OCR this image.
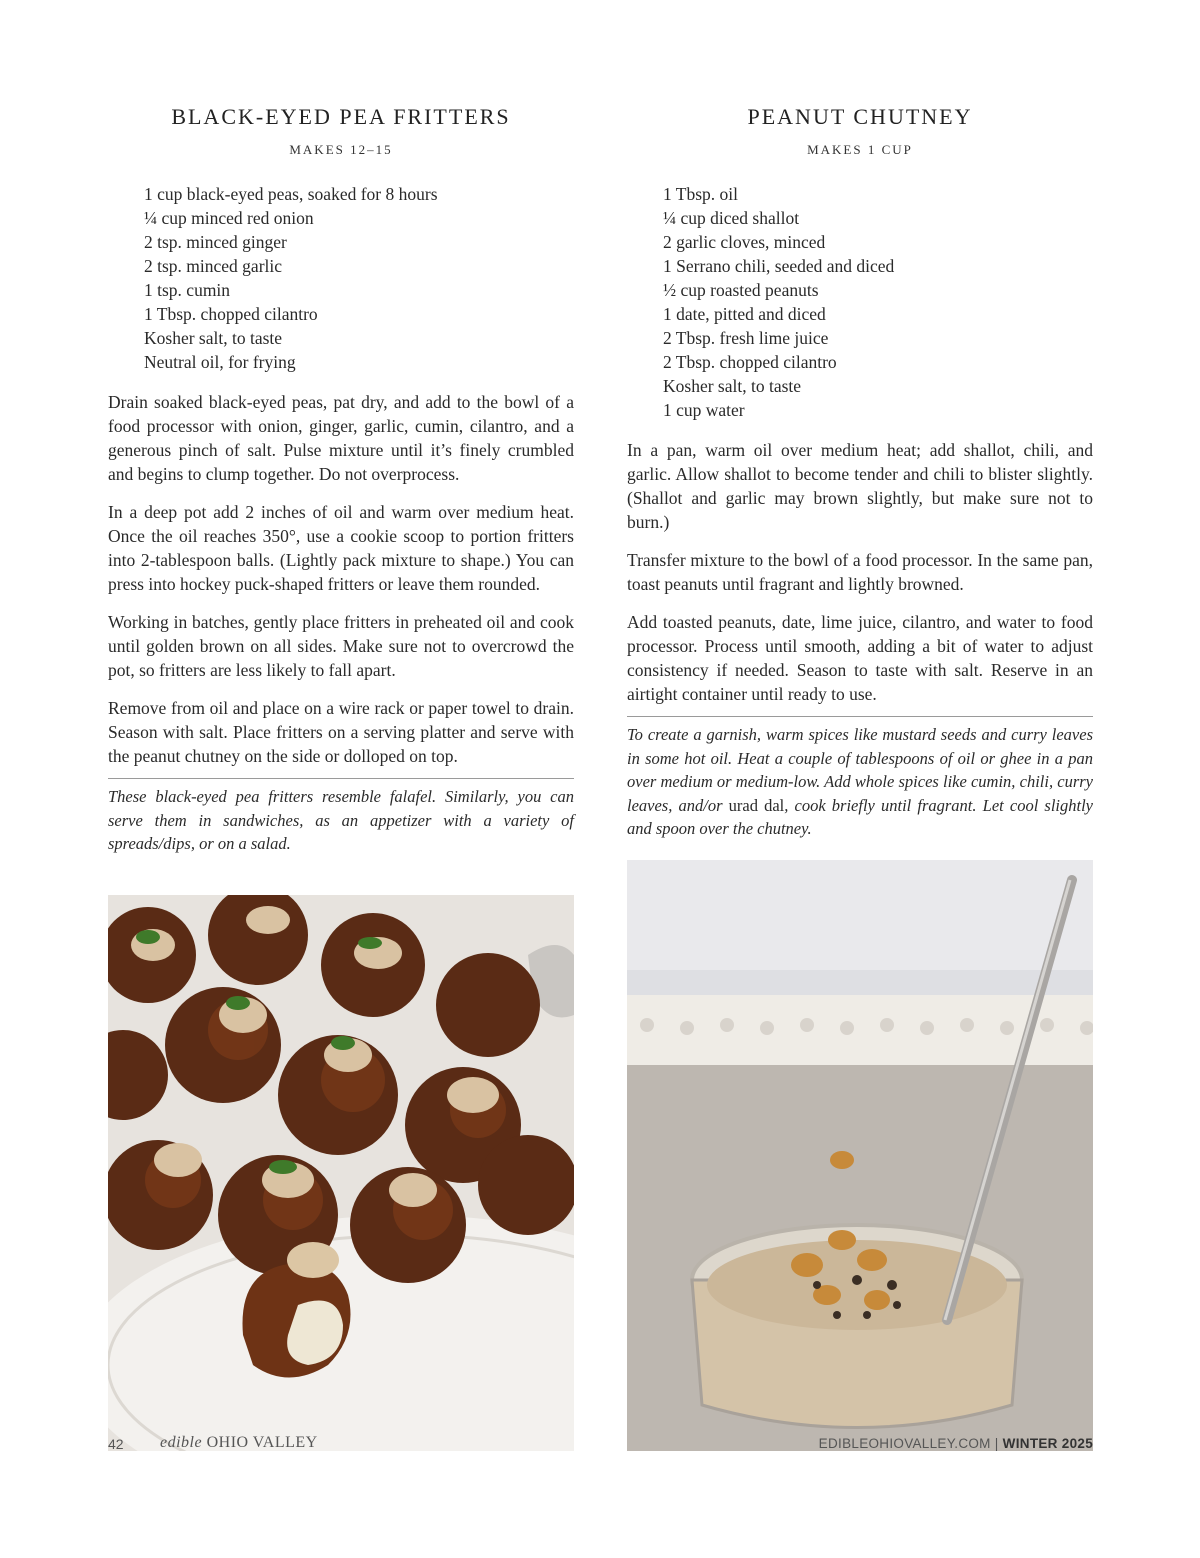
BLACK-EYED PEA FRITTERS
MAKES 12–15
1 cup black-eyed peas, soaked for 8 hours
¼ cup minced red onion
2 tsp. minced ginger
2 tsp. minced garlic
1 tsp. cumin
1 Tbsp. chopped cilantro
Kosher salt, to taste
Neutral oil, for frying

Drain soaked black-eyed peas, pat dry, and add to the bowl of a food processor with onion, ginger, garlic, cumin, cilantro, and a generous pinch of salt. Pulse mixture until it’s finely crumbled and begins to clump together. Do not overprocess.

In a deep pot add 2 inches of oil and warm over medium heat. Once the oil reaches 350°, use a cookie scoop to portion fritters into 2-tablespoon balls. (Lightly pack mixture to shape.) You can press into hockey puck-shaped fritters or leave them rounded.

Working in batches, gently place fritters in preheated oil and cook until golden brown on all sides. Make sure not to overcrowd the pot, so fritters are less likely to fall apart.

Remove from oil and place on a wire rack or paper towel to drain. Season with salt. Place fritters on a serving platter and serve with the peanut chutney on the side or dolloped on top.

These black-eyed pea fritters resemble falafel. Similarly, you can serve them in sandwiches, as an appetizer with a variety of spreads/dips, or on a salad.

PEANUT CHUTNEY
MAKES 1 CUP
1 Tbsp. oil
¼ cup diced shallot
2 garlic cloves, minced
1 Serrano chili, seeded and diced
½ cup roasted peanuts
1 date, pitted and diced
2 Tbsp. fresh lime juice
2 Tbsp. chopped cilantro
Kosher salt, to taste
1 cup water

In a pan, warm oil over medium heat; add shallot, chili, and garlic. Allow shallot to become tender and chili to blister slightly. (Shallot and garlic may brown slightly, but make sure not to burn.)

Transfer mixture to the bowl of a food processor. In the same pan, toast peanuts until fragrant and lightly browned.

Add toasted peanuts, date, lime juice, cilantro, and water to food processor. Process until smooth, adding a bit of water to adjust consistency if needed. Season to taste with salt. Reserve in an airtight container until ready to use.

To create a garnish, warm spices like mustard seeds and curry leaves in some hot oil. Heat a couple of tablespoons of oil or ghee in a pan over medium or medium-low. Add whole spices like cumin, chili, curry leaves, and/or urad dal, cook briefly until fragrant. Let cool slightly and spoon over the chutney.

42 edible OHIO VALLEY	EDIBLEOHIOVALLEY.COM | WINTER 2025
